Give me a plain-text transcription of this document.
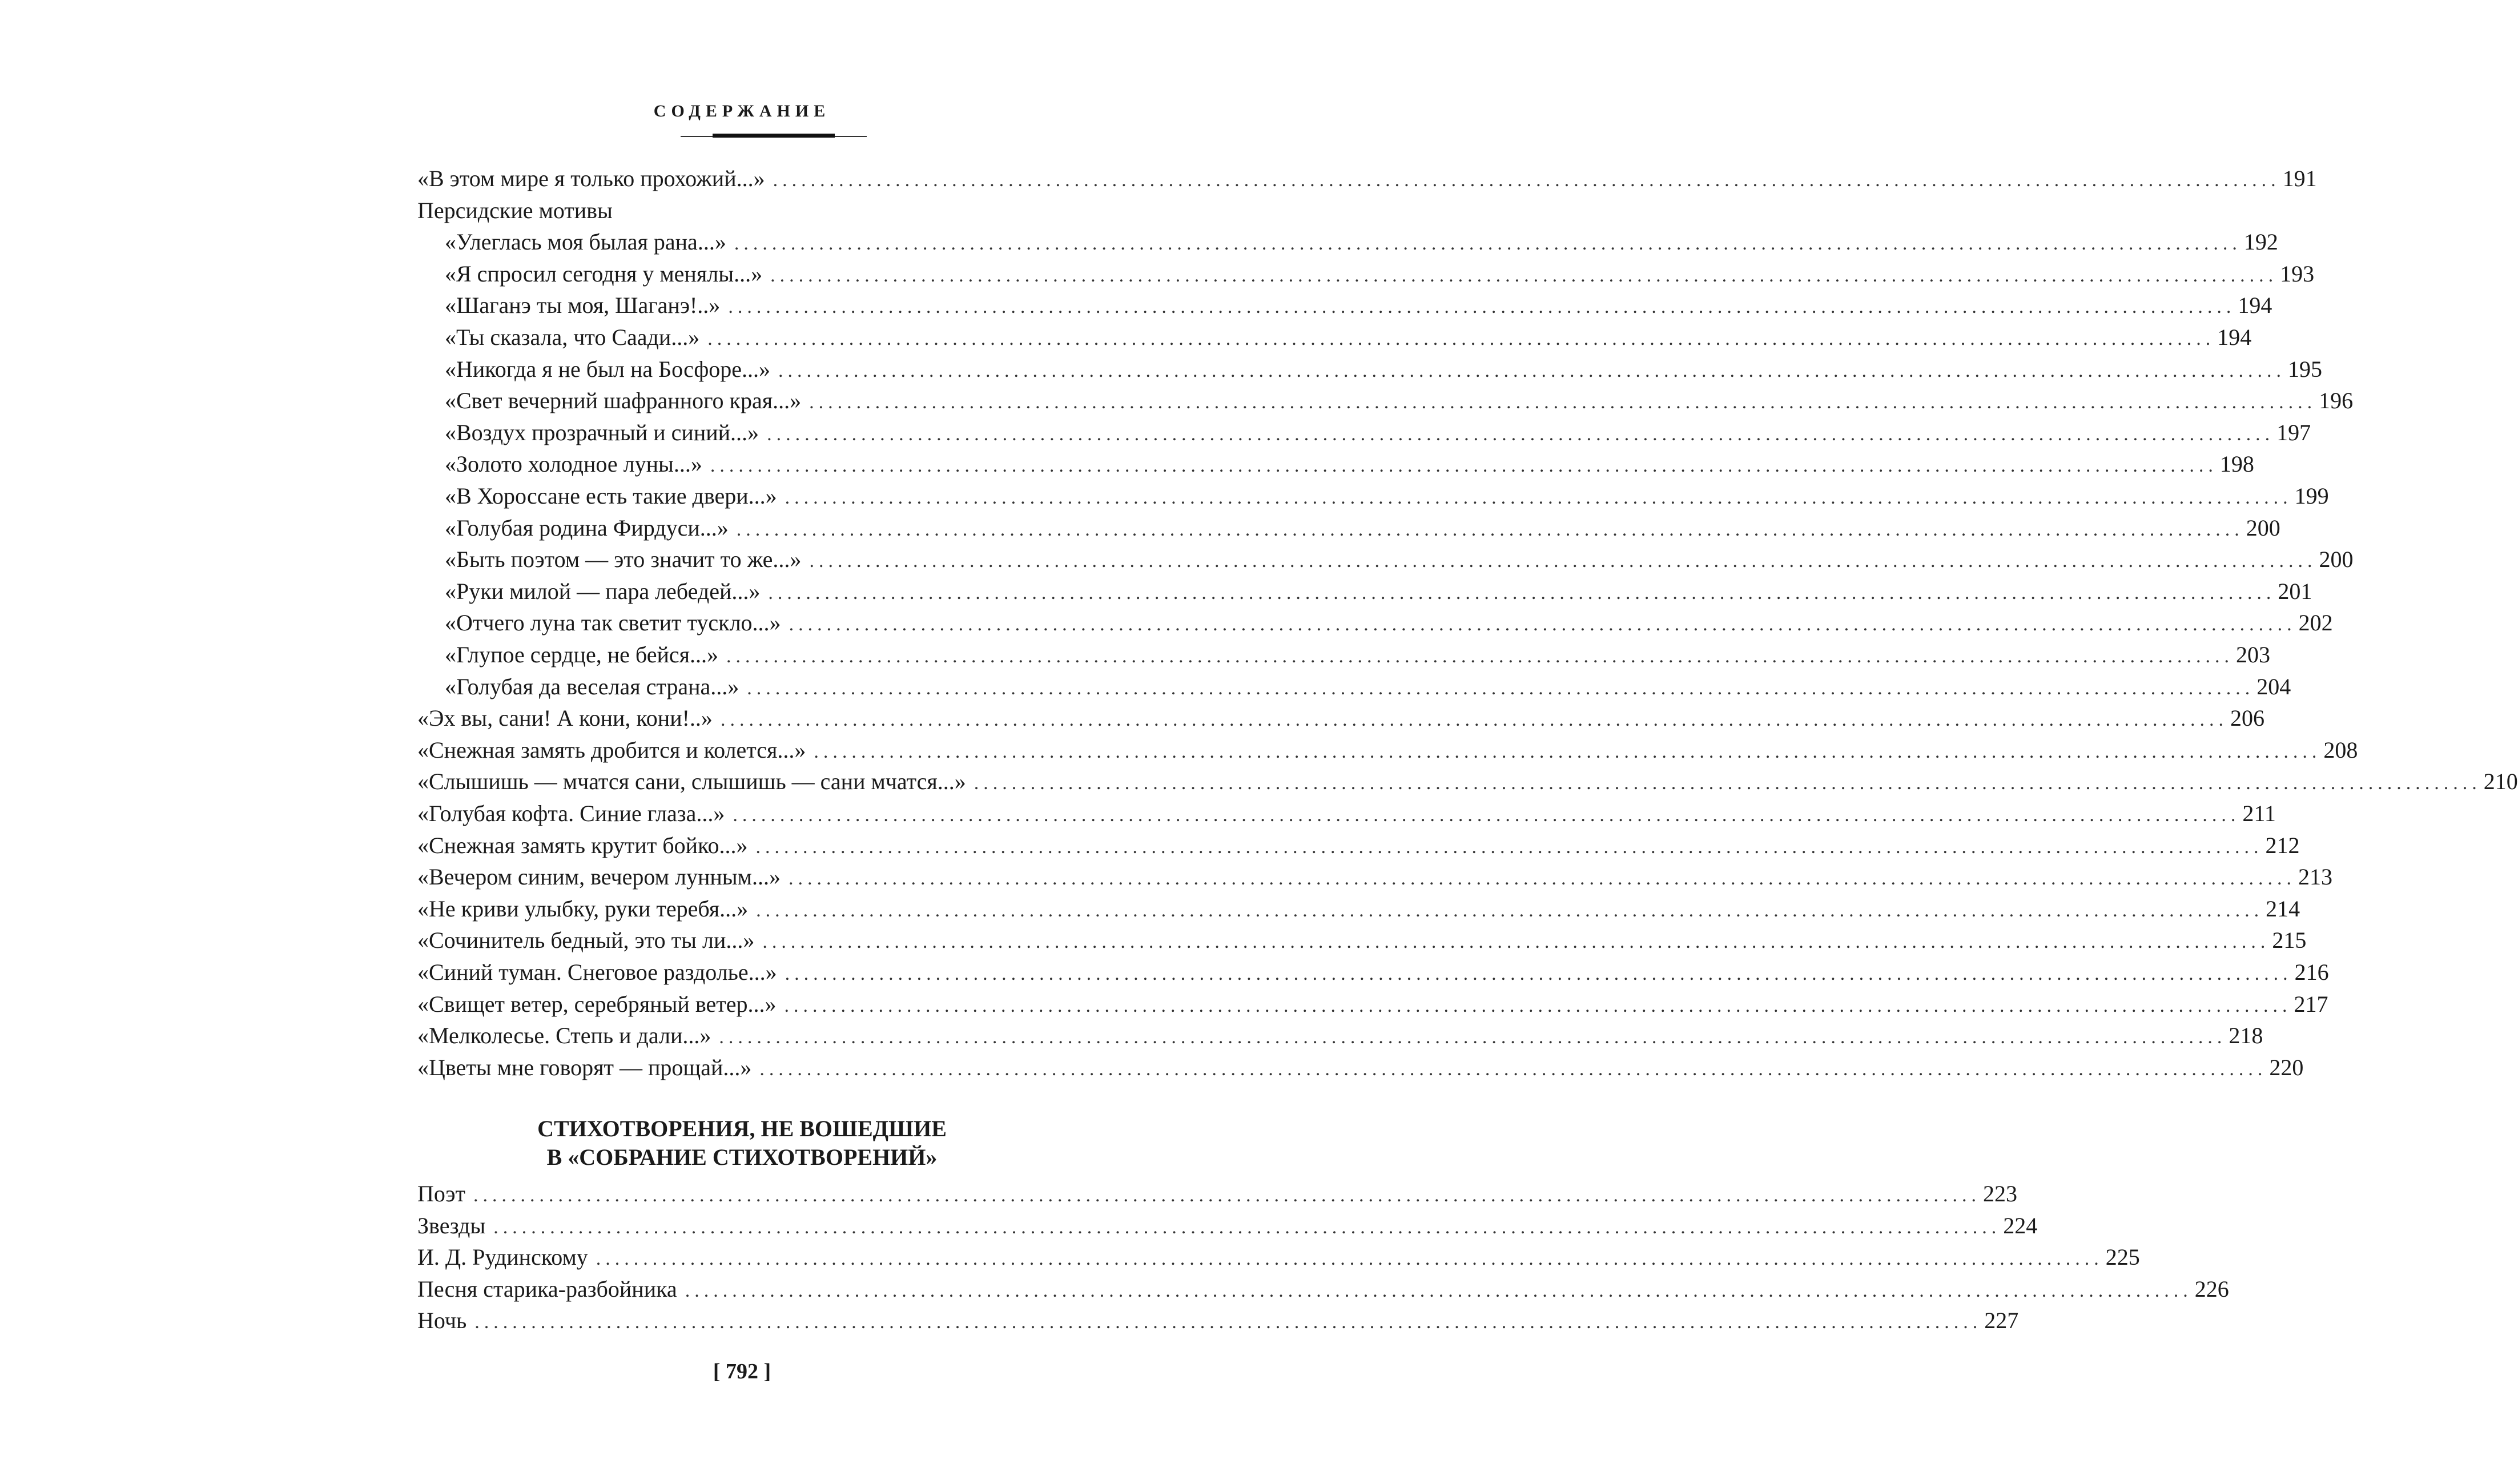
СОДЕРЖАНИЕ
«В этом мире я только прохожий...» ................................................................................................................................................................ 191
Персидские мотивы
«Улеглась моя былая рана...» ................................................................................................................................................................ 192
«Я спросил сегодня у менялы...» ................................................................................................................................................................ 193
«Шаганэ ты моя, Шаганэ!..» ................................................................................................................................................................ 194
«Ты сказала, что Саади...» ................................................................................................................................................................ 194
«Никогда я не был на Босфоре...» ................................................................................................................................................................ 195
«Свет вечерний шафранного края...» ................................................................................................................................................................ 196
«Воздух прозрачный и синий...» ................................................................................................................................................................ 197
«Золото холодное луны...» ................................................................................................................................................................ 198
«В Хороссане есть такие двери...» ................................................................................................................................................................ 199
«Голубая родина Фирдуси...» ................................................................................................................................................................ 200
«Быть поэтом — это значит то же...» ................................................................................................................................................................ 200
«Руки милой — пара лебедей...» ................................................................................................................................................................ 201
«Отчего луна так светит тускло...» ................................................................................................................................................................ 202
«Глупое сердце, не бейся...» ................................................................................................................................................................ 203
«Голубая да веселая страна...» ................................................................................................................................................................ 204
«Эх вы, сани! А кони, кони!..» ................................................................................................................................................................ 206
«Снежная замять дробится и колется...» ................................................................................................................................................................ 208
«Слышишь — мчатся сани, слышишь — сани мчатся...» ................................................................................................................................................................ 210
«Голубая кофта. Синие глаза...» ................................................................................................................................................................ 211
«Снежная замять крутит бойко...» ................................................................................................................................................................ 212
«Вечером синим, вечером лунным...» ................................................................................................................................................................ 213
«Не криви улыбку, руки теребя...» ................................................................................................................................................................ 214
«Сочинитель бедный, это ты ли...» ................................................................................................................................................................ 215
«Синий туман. Снеговое раздолье...» ................................................................................................................................................................ 216
«Свищет ветер, серебряный ветер...» ................................................................................................................................................................ 217
«Мелколесье. Степь и дали...» ................................................................................................................................................................ 218
«Цветы мне говорят — прощай...» ................................................................................................................................................................ 220
СТИХОТВОРЕНИЯ, НЕ ВОШЕДШИЕ
В «СОБРАНИЕ СТИХОТВОРЕНИЙ»
Поэт ................................................................................................................................................................ 223
Звезды ................................................................................................................................................................ 224
И. Д. Рудинскому ................................................................................................................................................................ 225
Песня старика-разбойника ................................................................................................................................................................ 226
Ночь ................................................................................................................................................................ 227
[ 792 ]
